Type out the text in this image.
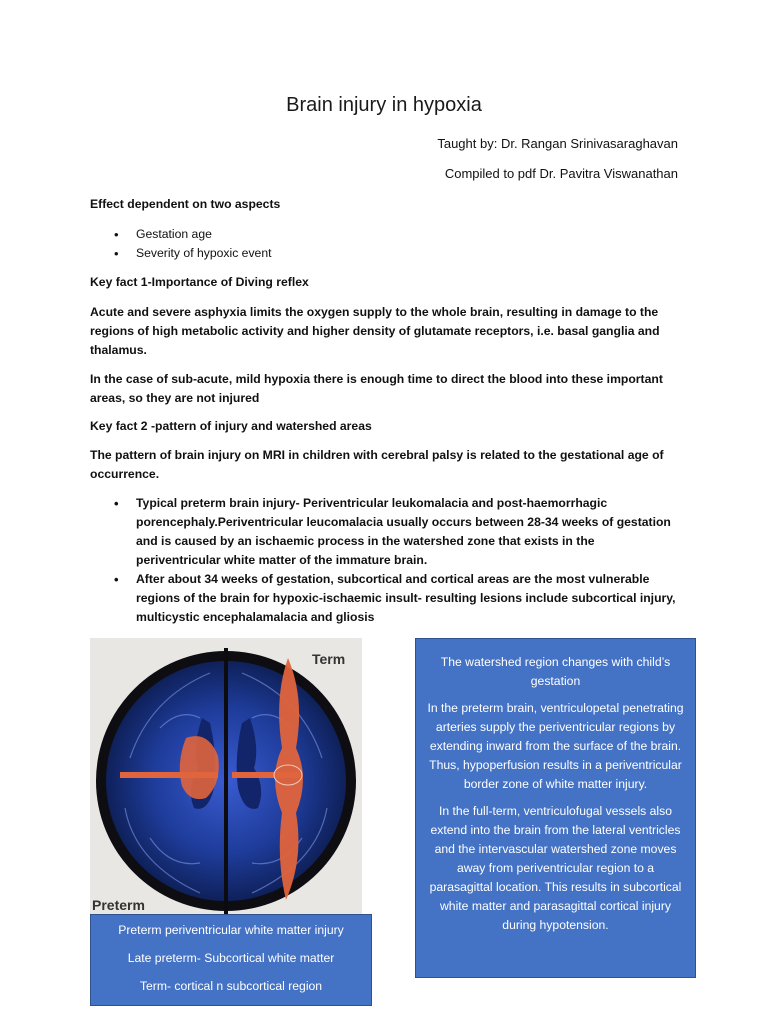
Brain injury in hypoxia
Taught by: Dr. Rangan Srinivasaraghavan
Compiled to pdf Dr. Pavitra Viswanathan
Effect dependent on two aspects
• Gestation age
• Severity of hypoxic event
Key fact 1-Importance of Diving reflex
Acute and severe asphyxia limits the oxygen supply to the whole brain, resulting in damage to the regions of high metabolic activity and higher density of glutamate receptors, i.e. basal ganglia and thalamus.
In the case of sub-acute, mild hypoxia there is enough time to direct the blood into these important areas, so they are not injured
Key fact 2 -pattern of injury and watershed areas
The pattern of brain injury on MRI in children with cerebral palsy is related to the gestational age of occurrence.
• Typical preterm brain injury- Periventricular leukomalacia and post-haemorrhagic porencephaly.Periventricular leucomalacia usually occurs between 28-34 weeks of gestation and is caused by an ischaemic process in the watershed zone that exists in the periventricular white matter of the immature brain.
• After about 34 weeks of gestation, subcortical and cortical areas are the most vulnerable regions of the brain for hypoxic-ischaemic insult- resulting lesions include subcortical injury, multicystic encephalamalacia and gliosis
Term
Preterm

Preterm periventricular white matter injury

Late preterm- Subcortical white matter

Term- cortical n subcortical region

The watershed region changes with child’s gestation

In the preterm brain, ventriculopetal penetrating arteries supply the periventricular regions by extending inward from the surface of the brain. Thus, hypoperfusion results in a periventricular border zone of white matter injury.

In the full-term, ventriculofugal vessels also extend into the brain from the lateral ventricles and the intervascular watershed zone moves away from periventricular region to a parasagittal location. This results in subcortical white matter and parasagittal cortical injury during hypotension.
